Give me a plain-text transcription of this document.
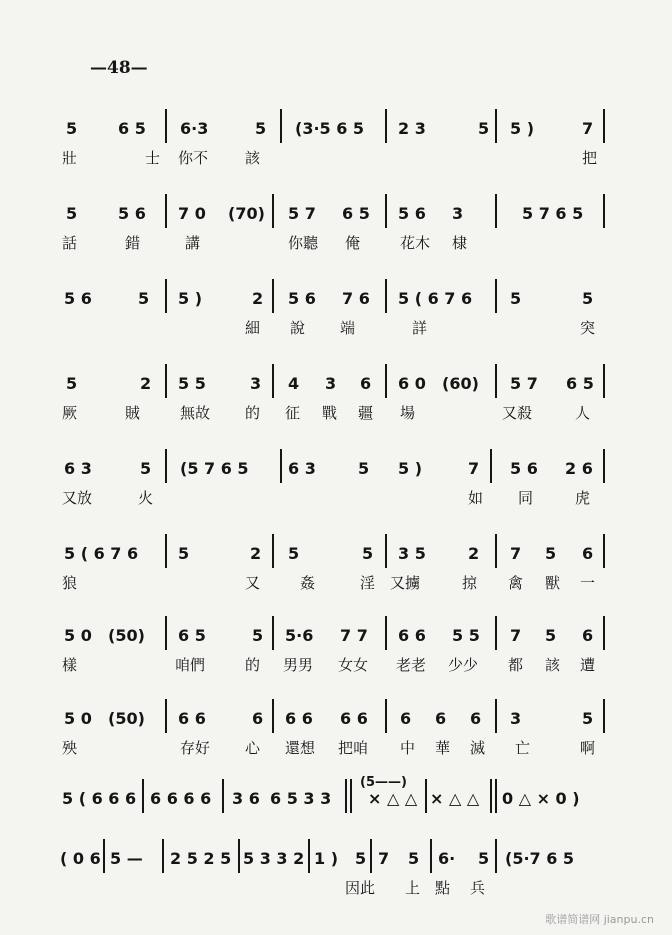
—48—
5	6 5 6·3	5 (3·5 6 5 2 3	5 5 )	7
壯	士 你不 該	把
5	5 6 7 0 (70) 5 7 6 5 5 6 3	5 7 6 5
話	錯	講	你聽 俺	花木 棣
5 6	5 5 )	2 5 6 7 6 5 ( 6 7 6 5	5
細 說 端	詳	突
5	2 5 5	3 4 3 6 6 0 (60) 5 7 6 5
厥	賊	無故 的 征 戰 疆 場	又殺	人
6 3	5 (5 7 6 5 6 3	5 5 )	7 5 6 2 6
又放	火	如 同	虎
5 ( 6 7 6 5	2 5	5 3 5	2 7 5 6
狼	又	姦	淫 又擄	掠 禽 獸 一
5 0 (50) 6 5	5 5·6 7 7 6 6 5 5 7 5 6
樣	咱們	的 男男 女女 老老 少少 都 該 遭
5 0 (50) 6 6	6 6 6 6 6 6 6 6 3	5
殃	存好 心 還想 把咱 中 華 滅 亡	啊
5 ( 6 6 6 6 6 6 6 3 6 6 5 3 3
(5——)
× △ △ × △ △ 0 △ × 0 )
( 0 6 5 — 2 5 2 5 5 3 3 2 1 ) 5 7 5 6· 5 (5·7 6 5
因此 上 點 兵
歌谱简谱网 jianpu.cn
